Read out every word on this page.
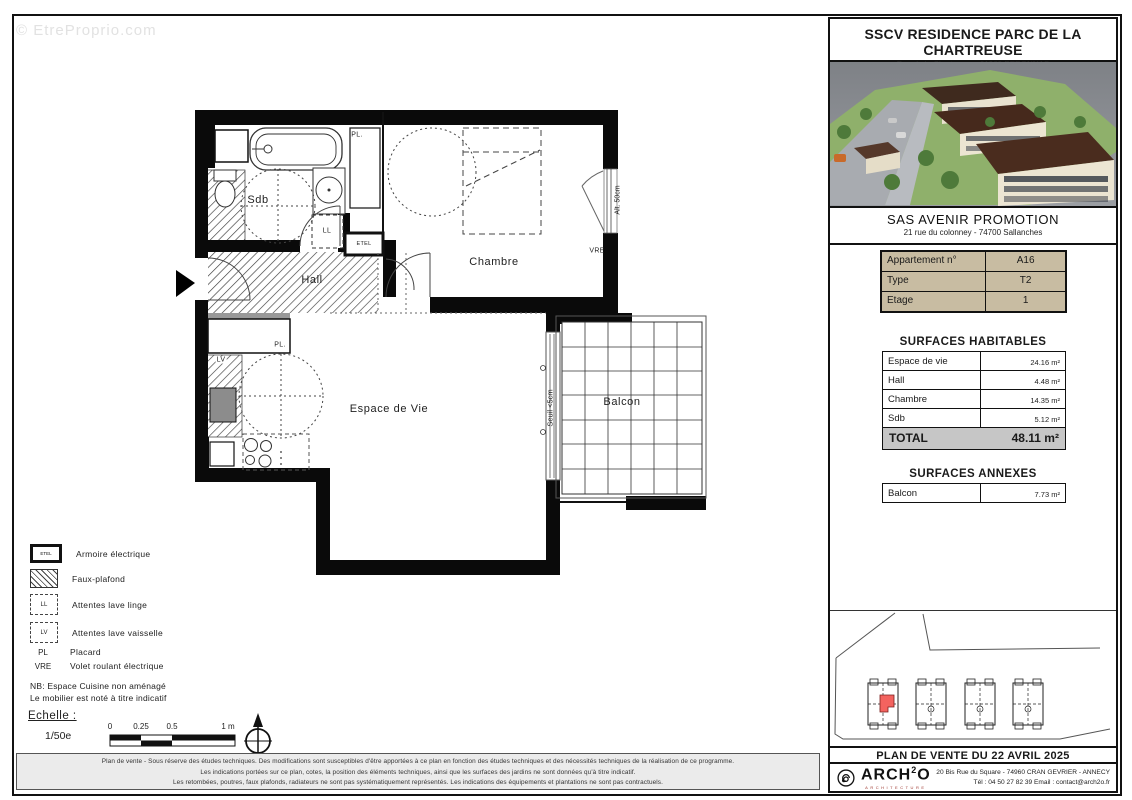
© EtreProprio.com
Sdb
Hall
Chambre
Espace de Vie
Balcon
PL.
LL
ETEL
VRE
PL.
LV
Alt. 50cm
Seuil <5cm
ETEL	Armoire électrique
Faux-plafond
LL	Attentes lave linge
LV	Attentes lave vaisselle
PL	Placard
VRE	Volet roulant électrique
NB: Espace Cuisine non aménagé
Le mobilier est noté à titre indicatif
Echelle :
1/50e
0	0.25 0.5	1 m
Plan de vente - Sous réserve des études techniques. Des modifications sont susceptibles d'être apportées à ce plan en fonction des études techniques et des nécessités techniques de la réalisation de ce programme.
Les indications portées sur ce plan, cotes, la position des éléments techniques, ainsi que les surfaces des jardins ne sont données qu'à titre indicatif.
Les retombées, poutres, faux plafonds, radiateurs ne sont pas systématiquement représentés. Les indications des équipements et plantations ne sont pas contractuels.
SSCV RESIDENCE PARC DE LA CHARTREUSE
SAS AVENIR PROMOTION
21 rue du colonney - 74700 Sallanches
Appartement n°	A16
Type	T2
Etage	1
SURFACES HABITABLES
Espace de vie	24.16 m²
Hall	4.48 m²
Chambre	14.35 m²
Sdb	5.12 m²
TOTAL	48.11 m²
SURFACES ANNEXES
Balcon	7.73 m²
PLAN DE VENTE DU 22 AVRIL 2025
ARCH$^2$O
ARCHITECTURE
20 Bis Rue du Square - 74960 CRAN GEVRIER - ANNECY
Tél : 04 50 27 82 39 Email : contact@arch2o.fr
